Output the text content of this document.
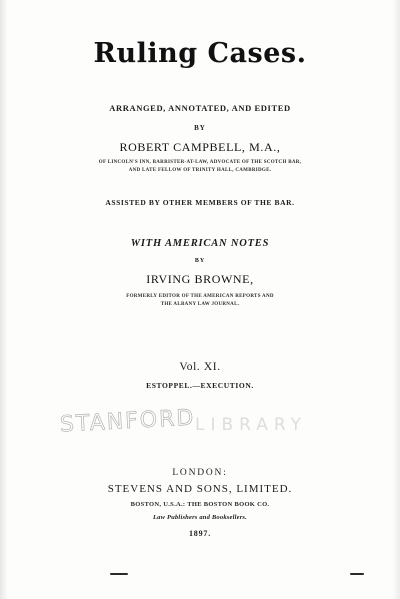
Ruling Cases.
ARRANGED, ANNOTATED, AND EDITED
BY
ROBERT CAMPBELL, M.A.,
OF LINCOLN'S INN, BARRISTER-AT-LAW, ADVOCATE OF THE SCOTCH BAR,
AND LATE FELLOW OF TRINITY HALL, CAMBRIDGE.
ASSISTED BY OTHER MEMBERS OF THE BAR.
WITH AMERICAN NOTES
BY
IRVING BROWNE,
FORMERLY EDITOR OF THE AMERICAN REPORTS AND
THE ALBANY LAW JOURNAL.
Vol. XI.
ESTOPPEL.—EXECUTION.
STANFORD LIBRARY
LONDON:
STEVENS AND SONS, LIMITED.
BOSTON, U.S.A.: THE BOSTON BOOK CO.
Law Publishers and Booksellers.
1897.
